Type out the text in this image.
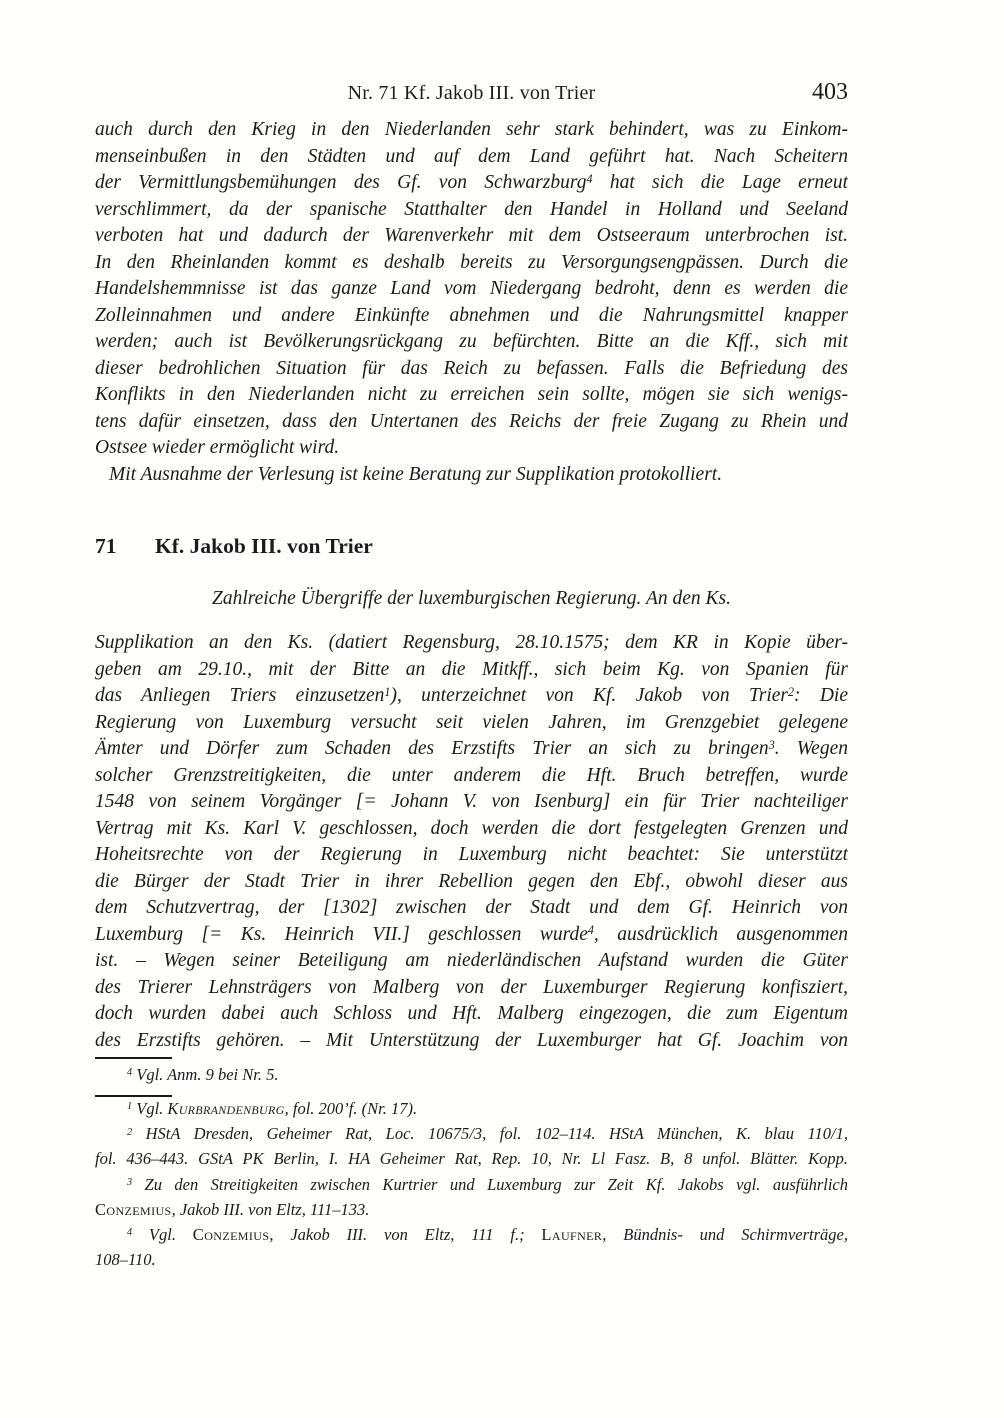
Nr. 71 Kf. Jakob III. von Trier	403
auch durch den Krieg in den Niederlanden sehr stark behindert, was zu Einkom-
menseinbußen in den Städten und auf dem Land geführt hat. Nach Scheitern
der Vermittlungsbemühungen des Gf. von Schwarzburg$^4$ hat sich die Lage erneut
verschlimmert, da der spanische Statthalter den Handel in Holland und Seeland
verboten hat und dadurch der Warenverkehr mit dem Ostseeraum unterbrochen ist.
In den Rheinlanden kommt es deshalb bereits zu Versorgungsengpässen. Durch die
Handelshemmnisse ist das ganze Land vom Niedergang bedroht, denn es werden die
Zolleinnahmen und andere Einkünfte abnehmen und die Nahrungsmittel knapper
werden; auch ist Bevölkerungsrückgang zu befürchten. Bitte an die Kff., sich mit
dieser bedrohlichen Situation für das Reich zu befassen. Falls die Befriedung des
Konflikts in den Niederlanden nicht zu erreichen sein sollte, mögen sie sich wenigs-
tens dafür einsetzen, dass den Untertanen des Reichs der freie Zugang zu Rhein und
Ostsee wieder ermöglicht wird.
Mit Ausnahme der Verlesung ist keine Beratung zur Supplikation protokolliert.
71 Kf. Jakob III. von Trier
Zahlreiche Übergriffe der luxemburgischen Regierung. An den Ks.
Supplikation an den Ks. (datiert Regensburg, 28.10.1575; dem KR in Kopie über-
geben am 29.10., mit der Bitte an die Mitkff., sich beim Kg. von Spanien für
das Anliegen Triers einzusetzen$^1$), unterzeichnet von Kf. Jakob von Trier$^2$: Die
Regierung von Luxemburg versucht seit vielen Jahren, im Grenzgebiet gelegene
Ämter und Dörfer zum Schaden des Erzstifts Trier an sich zu bringen$^3$. Wegen
solcher Grenzstreitigkeiten, die unter anderem die Hft. Bruch betreffen, wurde
1548 von seinem Vorgänger [= Johann V. von Isenburg] ein für Trier nachteiliger
Vertrag mit Ks. Karl V. geschlossen, doch werden die dort festgelegten Grenzen und
Hoheitsrechte von der Regierung in Luxemburg nicht beachtet: Sie unterstützt
die Bürger der Stadt Trier in ihrer Rebellion gegen den Ebf., obwohl dieser aus
dem Schutzvertrag, der [1302] zwischen der Stadt und dem Gf. Heinrich von
Luxemburg [= Ks. Heinrich VII.] geschlossen wurde$^4$, ausdrücklich ausgenommen
ist. – Wegen seiner Beteiligung am niederländischen Aufstand wurden die Güter
des Trierer Lehnsträgers von Malberg von der Luxemburger Regierung konfisziert,
doch wurden dabei auch Schloss und Hft. Malberg eingezogen, die zum Eigentum
des Erzstifts gehören. – Mit Unterstützung der Luxemburger hat Gf. Joachim von
$^4$ Vgl. Anm. 9 bei Nr. 5.
$^1$ Vgl. Kurbrandenburg, fol. 200’f. (Nr. 17).
$^2$ HStA Dresden, Geheimer Rat, Loc. 10675/3, fol. 102–114. HStA München, K. blau 110/1,
fol. 436–443. GStA PK Berlin, I. HA Geheimer Rat, Rep. 10, Nr. Ll Fasz. B, 8 unfol. Blätter. Kopp.
$^3$ Zu den Streitigkeiten zwischen Kurtrier und Luxemburg zur Zeit Kf. Jakobs vgl. ausführlich
Conzemius, Jakob III. von Eltz, 111–133.
$^4$ Vgl. Conzemius, Jakob III. von Eltz, 111 f.; Laufner, Bündnis- und Schirmverträge,
108–110.
